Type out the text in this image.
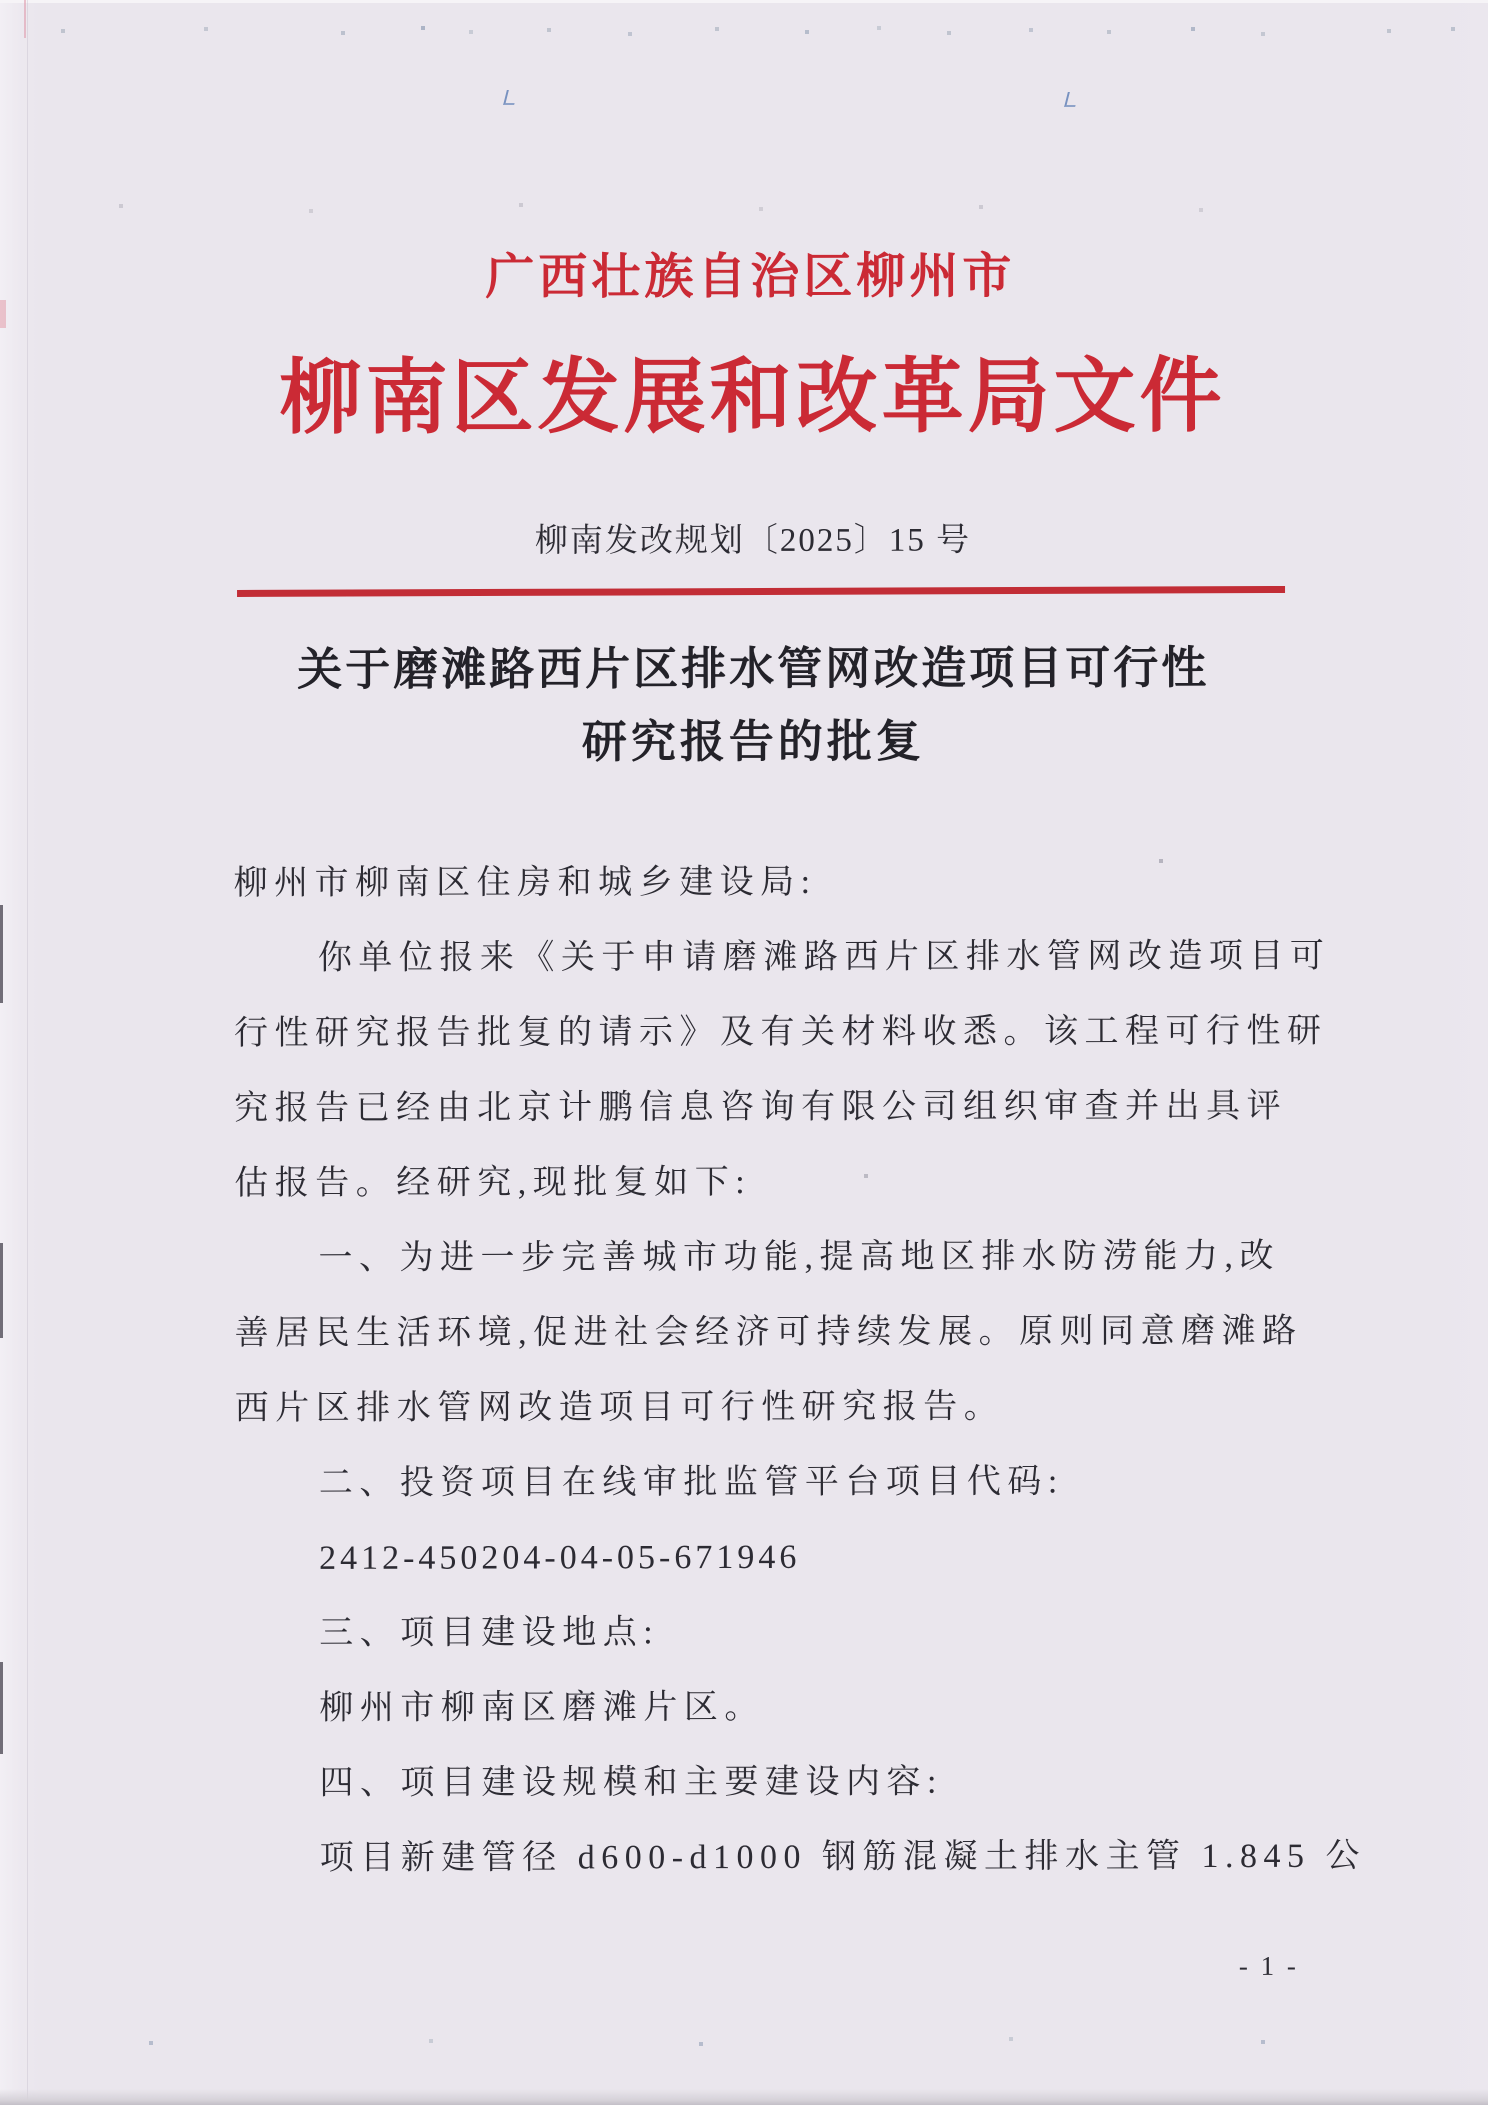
广西壮族自治区柳州市
柳南区发展和改革局文件
柳南发改规划〔2025〕15 号
关于磨滩路西片区排水管网改造项目可行性
研究报告的批复
柳州市柳南区住房和城乡建设局:
你单位报来《关于申请磨滩路西片区排水管网改造项目可
行性研究报告批复的请示》及有关材料收悉。该工程可行性研
究报告已经由北京计鹏信息咨询有限公司组织审查并出具评
估报告。经研究,现批复如下:
一、为进一步完善城市功能,提高地区排水防涝能力,改
善居民生活环境,促进社会经济可持续发展。原则同意磨滩路
西片区排水管网改造项目可行性研究报告。
二、投资项目在线审批监管平台项目代码:
2412-450204-04-05-671946
三、项目建设地点:
柳州市柳南区磨滩片区。
四、项目建设规模和主要建设内容:
项目新建管径 d600-d1000 钢筋混凝土排水主管 1.845 公
- 1 -
